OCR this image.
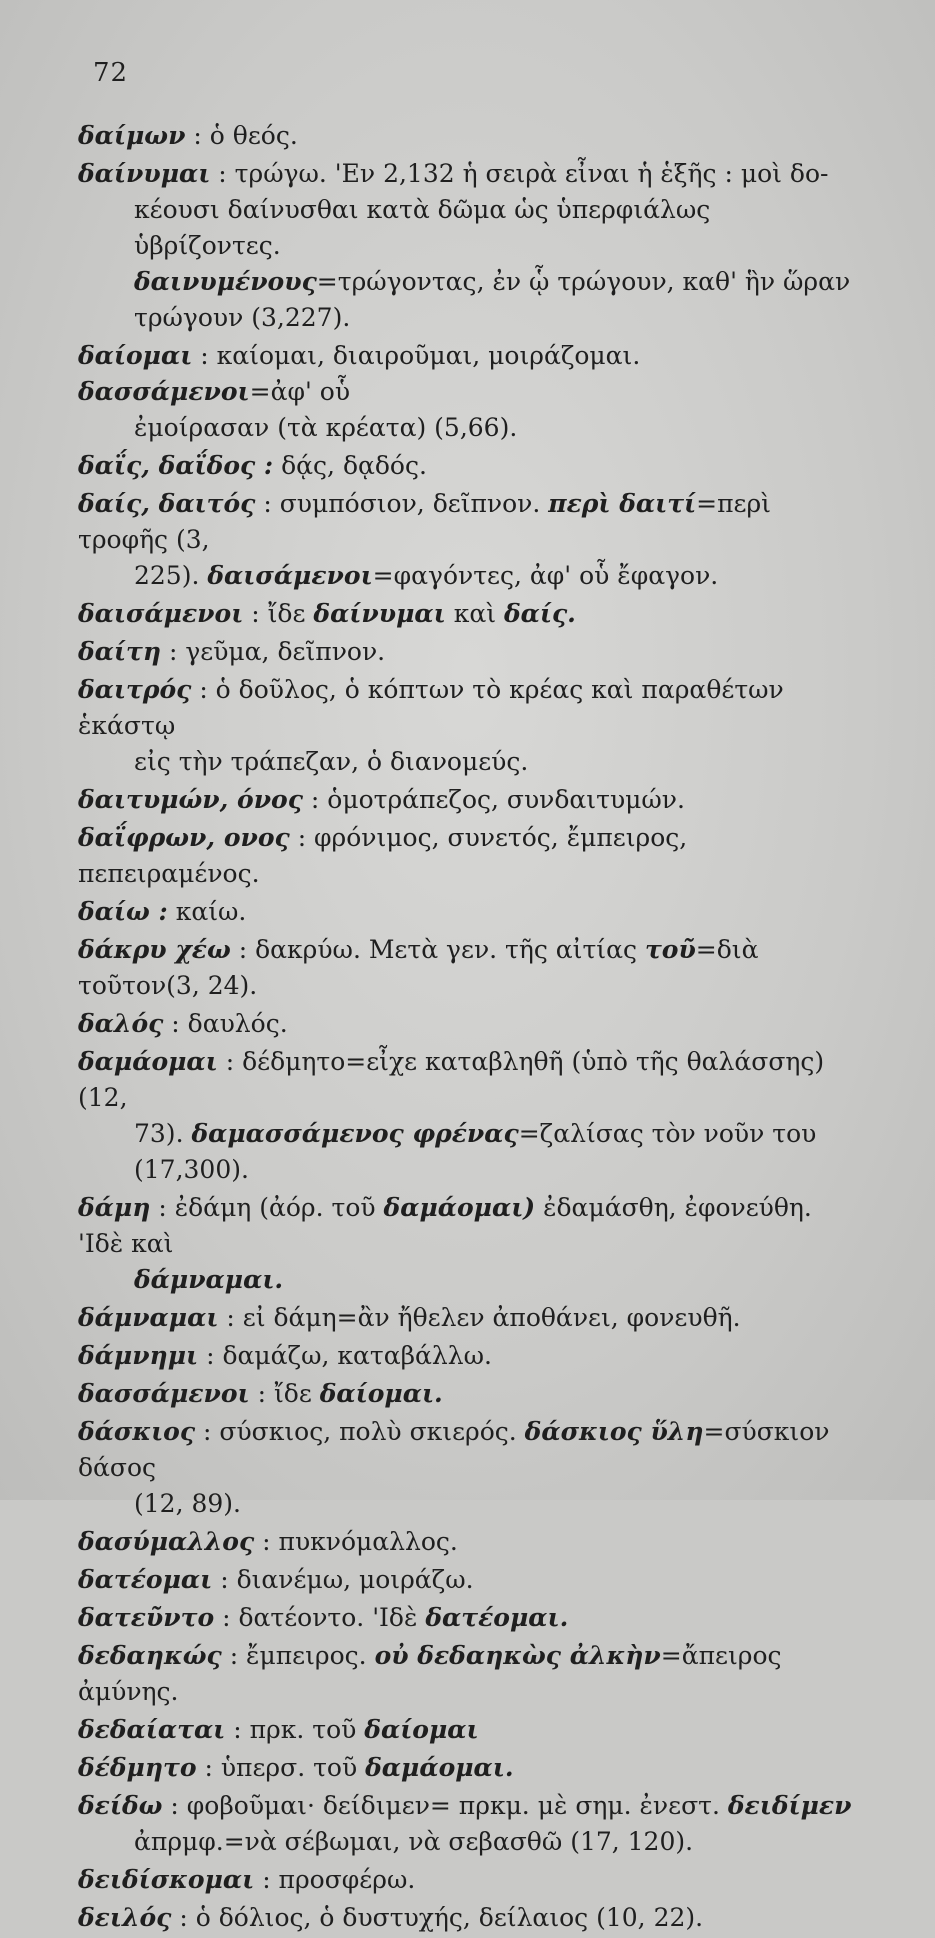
72
δαίμων : ὁ θεός.
δαίνυμαι : τρώγω. 'Εν 2,132 ἡ σειρὰ εἶναι ἡ ἑξῆς : μοὶ δο-
κέουσι δαίνυσθαι κατὰ δῶμα ὡς ὑπερφιάλως ὑβρίζοντες.
δαινυμένους=τρώγοντας, ἐν ᾧ τρώγουν, καθ' ἣν ὥραν
τρώγουν (3,227).
δαίομαι : καίομαι, διαιροῦμαι, μοιράζομαι. δασσάμενοι=ἀφ' οὗ
ἐμοίρασαν (τὰ κρέατα) (5,66).
δαΐς, δαΐδος : δᾴς, δᾳδός.
δαίς, δαιτός : συμπόσιον, δεῖπνον. περὶ δαιτί=περὶ τροφῆς (3,
225). δαισάμενοι=φαγόντες, ἀφ' οὗ ἔφαγον.
δαισάμενοι : ἴδε δαίνυμαι καὶ δαίς.
δαίτη : γεῦμα, δεῖπνον.
δαιτρός : ὁ δοῦλος, ὁ κόπτων τὸ κρέας καὶ παραθέτων ἑκάστῳ
εἰς τὴν τράπεζαν, ὁ διανομεύς.
δαιτυμών, όνος : ὁμοτράπεζος, συνδαιτυμών.
δαΐφρων, ονος : φρόνιμος, συνετός, ἔμπειρος, πεπειραμένος.
δαίω : καίω.
δάκρυ χέω : δακρύω. Μετὰ γεν. τῆς αἰτίας τοῦ=διὰ τοῦτον(3, 24).
δαλός : δαυλός.
δαμάομαι : δέδμητο=εἶχε καταβληθῆ (ὑπὸ τῆς θαλάσσης) (12,
73). δαμασσάμενος φρένας=ζαλίσας τὸν νοῦν του (17,300).
δάμη : ἐδάμη (ἀόρ. τοῦ δαμάομαι) ἐδαμάσθη, ἐφονεύθη. 'Ιδὲ καὶ
δάμναμαι.
δάμναμαι : εἰ δάμη=ἂν ἤθελεν ἀποθάνει, φονευθῆ.
δάμνημι : δαμάζω, καταβάλλω.
δασσάμενοι : ἴδε δαίομαι.
δάσκιος : σύσκιος, πολὺ σκιερός. δάσκιος ὕλη=σύσκιον δάσος
(12, 89).
δασύμαλλος : πυκνόμαλλος.
δατέομαι : διανέμω, μοιράζω.
δατεῦντο : δατέοντο. 'Ιδὲ δατέομαι.
δεδαηκώς : ἔμπειρος. οὐ δεδαηκὼς ἀλκὴν=ἄπειρος ἀμύνης.
δεδαίαται : πρκ. τοῦ δαίομαι
δέδμητο : ὑπερσ. τοῦ δαμάομαι.
δείδω : φοβοῦμαι· δείδιμεν= πρκμ. μὲ σημ. ἐνεστ. δειδίμεν
ἀπρμφ.=νὰ σέβωμαι, νὰ σεβασθῶ (17, 120).
δειδίσκομαι : προσφέρω.
δειλός : ὁ δόλιος, ὁ δυστυχής, δείλαιος (10, 22).
